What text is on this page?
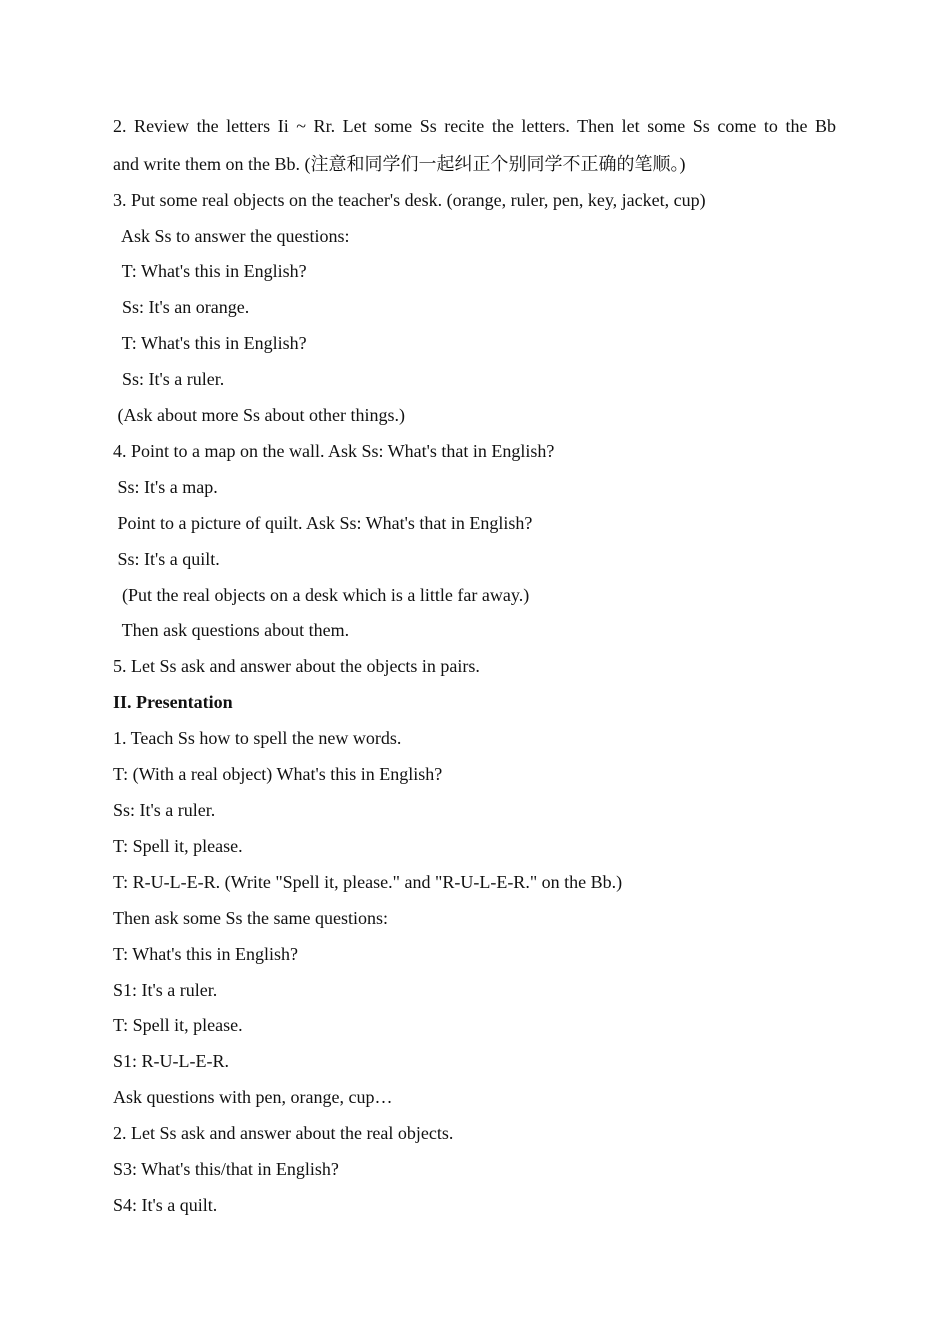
2. Review the letters Ii ~ Rr. Let some Ss recite the letters. Then let some Ss come to the Bb
and write them on the Bb. (注意和同学们一起纠正个别同学不正确的笔顺。)
3. Put some real objects on the teacher's desk. (orange, ruler, pen, key, jacket, cup)
Ask Ss to answer the questions:
T: What's this in English?
Ss: It's an orange.
T: What's this in English?
Ss: It's a ruler.
(Ask about more Ss about other things.)
4. Point to a map on the wall. Ask Ss: What's that in English?
Ss: It's a map.
Point to a picture of quilt. Ask Ss: What's that in English?
Ss: It's a quilt.
(Put the real objects on a desk which is a little far away.)
Then ask questions about them.
5. Let Ss ask and answer about the objects in pairs.
II. Presentation
1. Teach Ss how to spell the new words.
T: (With a real object) What's this in English?
Ss: It's a ruler.
T: Spell it, please.
T: R-U-L-E-R. (Write "Spell it, please." and "R-U-L-E-R." on the Bb.)
Then ask some Ss the same questions:
T: What's this in English?
S1: It's a ruler.
T: Spell it, please.
S1: R-U-L-E-R.
Ask questions with pen, orange, cup…
2. Let Ss ask and answer about the real objects.
S3: What's this/that in English?
S4: It's a quilt.
